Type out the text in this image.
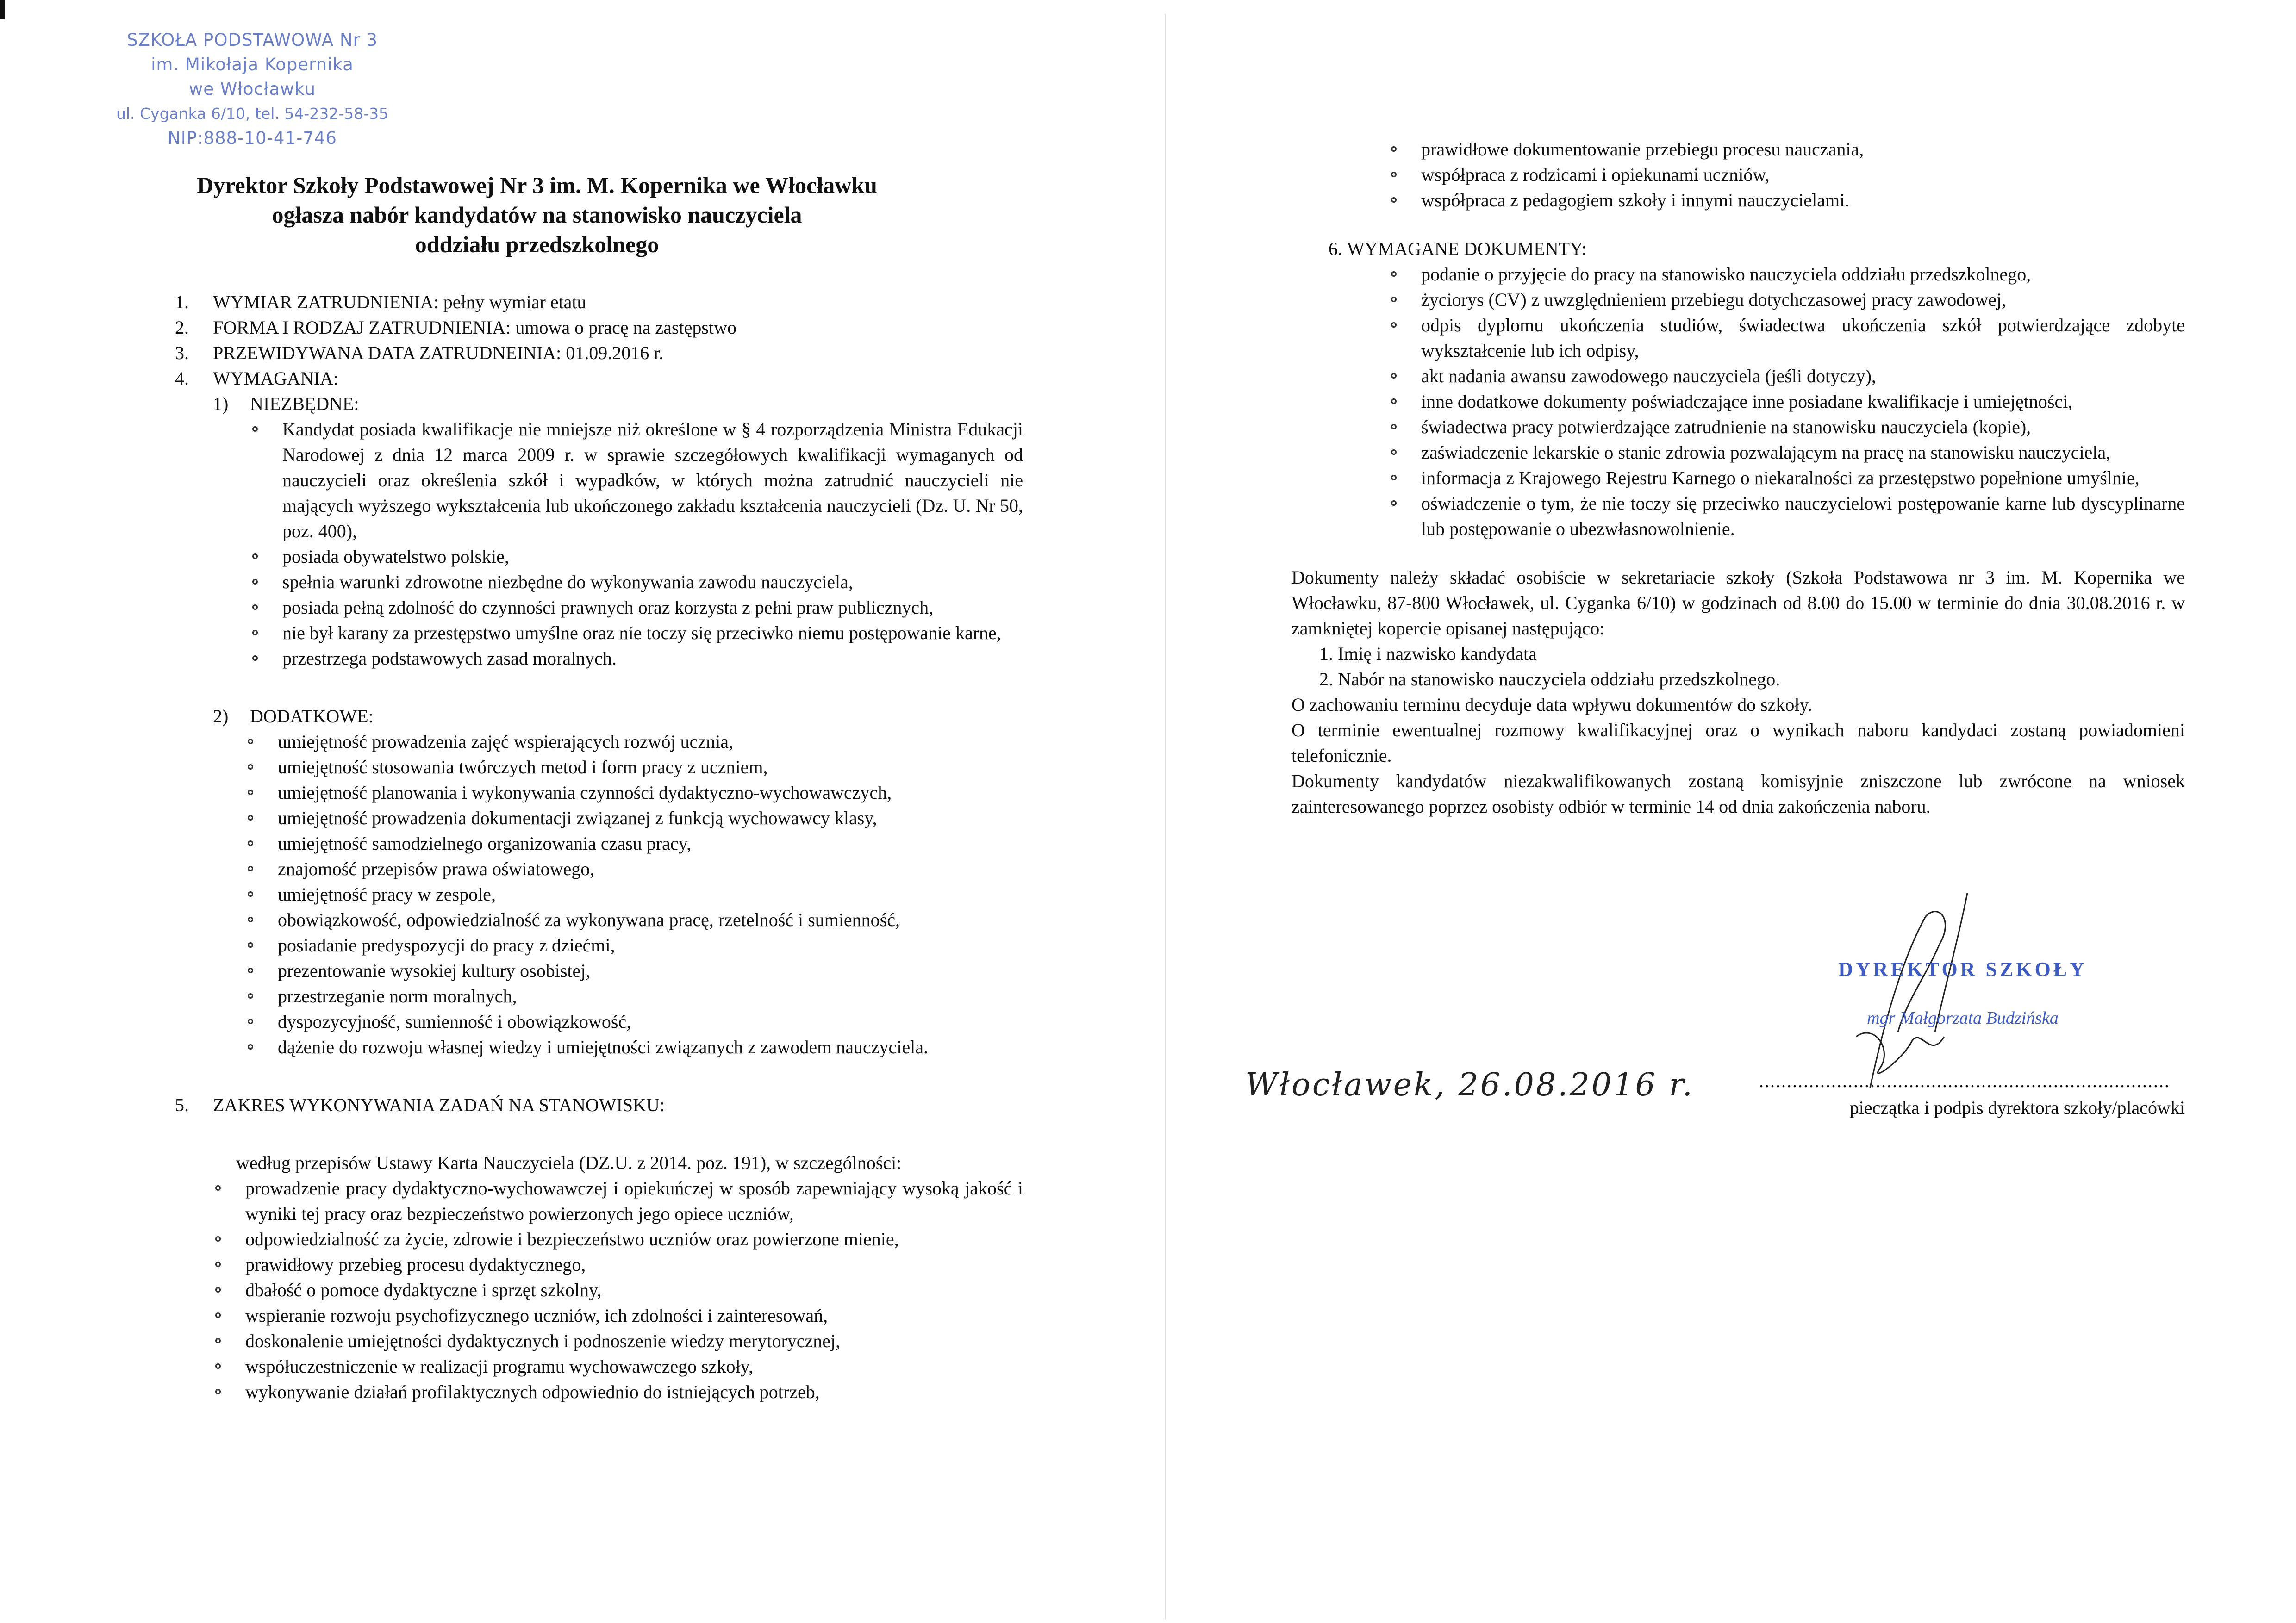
SZKOŁA PODSTAWOWA Nr 3
im. Mikołaja Kopernika
we Włocławku
ul. Cyganka 6/10, tel. 54-232-58-35
NIP:888-10-41-746
Dyrektor Szkoły Podstawowej Nr 3 im. M. Kopernika we Włocławku
ogłasza nabór kandydatów na stanowisko nauczyciela
oddziału przedszkolnego
1. WYMIAR ZATRUDNIENIA: pełny wymiar etatu
2. FORMA I RODZAJ ZATRUDNIENIA: umowa o pracę na zastępstwo
3. PRZEWIDYWANA DATA ZATRUDNEINIA: 01.09.2016 r.
4. WYMAGANIA:
1) NIEZBĘDNE:
Kandydat posiada kwalifikacje nie mniejsze niż określone w § 4 rozporządzenia Ministra Edukacji Narodowej z dnia 12 marca 2009 r. w sprawie szczegółowych kwalifikacji wymaganych od nauczycieli oraz określenia szkół i wypadków, w których można zatrudnić nauczycieli nie mających wyższego wykształcenia lub ukończonego zakładu kształcenia nauczycieli (Dz. U. Nr 50, poz. 400),
posiada obywatelstwo polskie,
spełnia warunki zdrowotne niezbędne do wykonywania zawodu nauczyciela,
posiada pełną zdolność do czynności prawnych oraz korzysta z pełni praw publicznych,
nie był karany za przestępstwo umyślne oraz nie toczy się przeciwko niemu postępowanie karne,
przestrzega podstawowych zasad moralnych.
2) DODATKOWE:
umiejętność prowadzenia zajęć wspierających rozwój ucznia,
umiejętność stosowania twórczych metod i form pracy z uczniem,
umiejętność planowania i wykonywania czynności dydaktyczno-wychowawczych,
umiejętność prowadzenia dokumentacji związanej z funkcją wychowawcy klasy,
umiejętność samodzielnego organizowania czasu pracy,
znajomość przepisów prawa oświatowego,
umiejętność pracy w zespole,
obowiązkowość, odpowiedzialność za wykonywana pracę, rzetelność i sumienność,
posiadanie predyspozycji do pracy z dziećmi,
prezentowanie wysokiej kultury osobistej,
przestrzeganie norm moralnych,
dyspozycyjność, sumienność i obowiązkowość,
dążenie do rozwoju własnej wiedzy i umiejętności związanych z zawodem nauczyciela.
5. ZAKRES WYKONYWANIA ZADAŃ NA STANOWISKU:
według przepisów Ustawy Karta Nauczyciela (DZ.U. z 2014. poz. 191), w szczególności:
prowadzenie pracy dydaktyczno-wychowawczej i opiekuńczej w sposób zapewniający wysoką jakość i wyniki tej pracy oraz bezpieczeństwo powierzonych jego opiece uczniów,
odpowiedzialność za życie, zdrowie i bezpieczeństwo uczniów oraz powierzone mienie,
prawidłowy przebieg procesu dydaktycznego,
dbałość o pomoce dydaktyczne i sprzęt szkolny,
wspieranie rozwoju psychofizycznego uczniów, ich zdolności i zainteresowań,
doskonalenie umiejętności dydaktycznych i podnoszenie wiedzy merytorycznej,
współuczestniczenie w realizacji programu wychowawczego szkoły,
wykonywanie działań profilaktycznych odpowiednio do istniejących potrzeb,
prawidłowe dokumentowanie przebiegu procesu nauczania,
współpraca z rodzicami i opiekunami uczniów,
współpraca z pedagogiem szkoły i innymi nauczycielami.
6. WYMAGANE DOKUMENTY:
podanie o przyjęcie do pracy na stanowisko nauczyciela oddziału przedszkolnego,
życiorys (CV) z uwzględnieniem przebiegu dotychczasowej pracy zawodowej,
odpis dyplomu ukończenia studiów, świadectwa ukończenia szkół potwierdzające zdobyte wykształcenie lub ich odpisy,
akt nadania awansu zawodowego nauczyciela (jeśli dotyczy),
inne dodatkowe dokumenty poświadczające inne posiadane kwalifikacje i umiejętności,
świadectwa pracy potwierdzające zatrudnienie na stanowisku nauczyciela (kopie),
zaświadczenie lekarskie o stanie zdrowia pozwalającym na pracę na stanowisku nauczyciela,
informacja z Krajowego Rejestru Karnego o niekaralności za przestępstwo popełnione umyślnie,
oświadczenie o tym, że nie toczy się przeciwko nauczycielowi postępowanie karne lub dyscyplinarne lub postępowanie o ubezwłasnowolnienie.

Dokumenty należy składać osobiście w sekretariacie szkoły (Szkoła Podstawowa nr 3 im. M. Kopernika we Włocławku, 87-800 Włocławek, ul. Cyganka 6/10) w godzinach od 8.00 do 15.00 w terminie do dnia 30.08.2016 r. w zamkniętej kopercie opisanej następująco:

1. Imię i nazwisko kandydata
2. Nabór na stanowisko nauczyciela oddziału przedszkolnego.

O zachowaniu terminu decyduje data wpływu dokumentów do szkoły.

O terminie ewentualnej rozmowy kwalifikacyjnej oraz o wynikach naboru kandydaci zostaną powiadomieni telefonicznie.

Dokumenty kandydatów niezakwalifikowanych zostaną komisyjnie zniszczone lub zwrócone na wniosek zainteresowanego poprzez osobisty odbiór w terminie 14 od dnia zakończenia naboru.

DYREKTOR SZKOŁY
mgr Małgorzata Budzińska
..........................................................................
pieczątka i podpis dyrektora szkoły/placówki
Włocławek, 26.08.2016 r.
